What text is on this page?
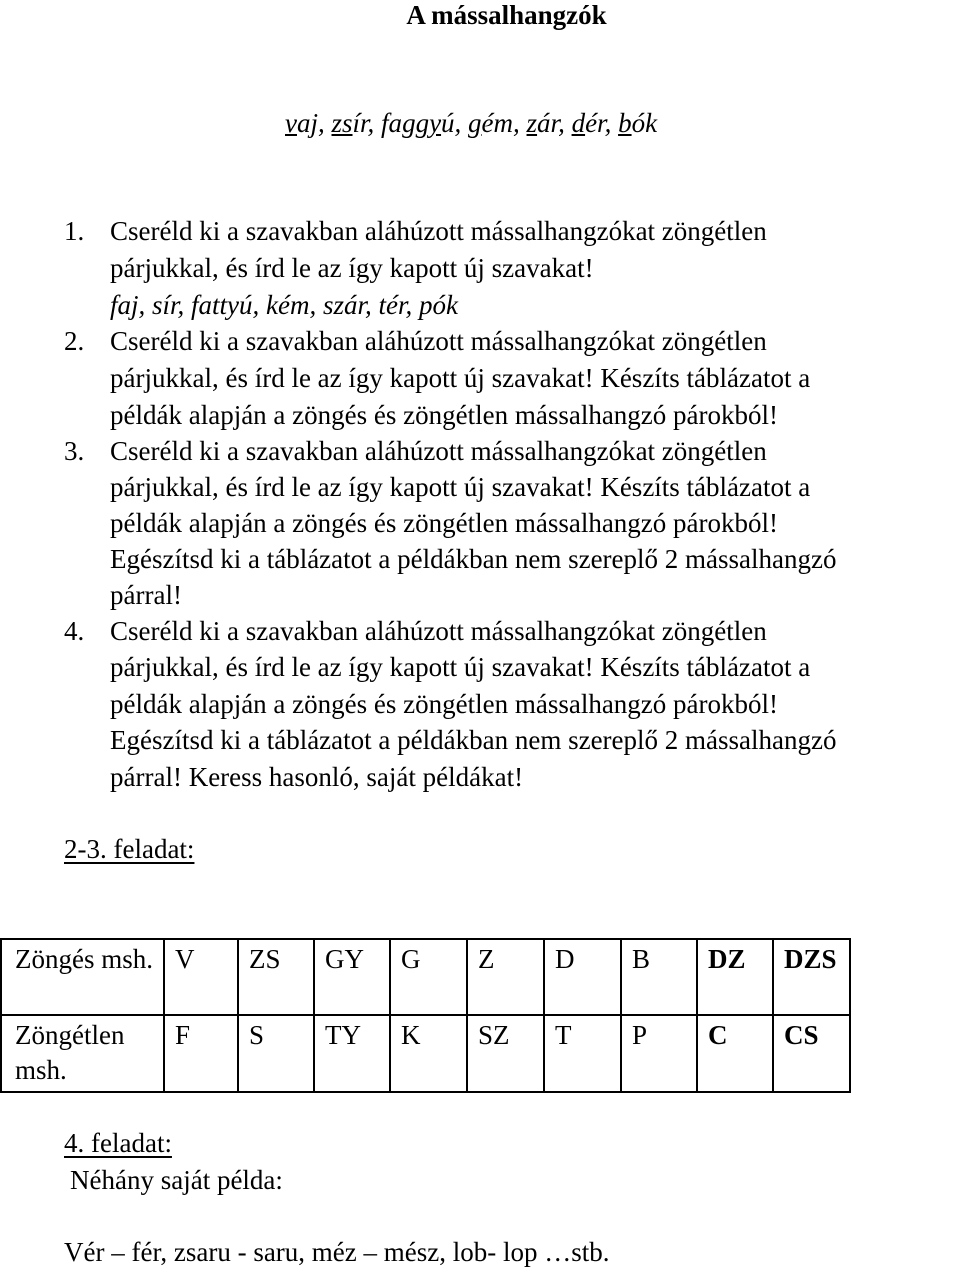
A mássalhangzók
vaj, zsír, faggyú, gém, zár, dér, bók
1. Cseréld ki a szavakban aláhúzott mássalhangzókat zöngétlen
párjukkal, és írd le az így kapott új szavakat!
faj, sír, fattyú, kém, szár, tér, pók
2. Cseréld ki a szavakban aláhúzott mássalhangzókat zöngétlen
párjukkal, és írd le az így kapott új szavakat! Készíts táblázatot a
példák alapján a zöngés és zöngétlen mássalhangzó párokból!
3. Cseréld ki a szavakban aláhúzott mássalhangzókat zöngétlen
párjukkal, és írd le az így kapott új szavakat! Készíts táblázatot a
példák alapján a zöngés és zöngétlen mássalhangzó párokból!
Egészítsd ki a táblázatot a példákban nem szereplő 2 mássalhangzó
párral!
4. Cseréld ki a szavakban aláhúzott mássalhangzókat zöngétlen
párjukkal, és írd le az így kapott új szavakat! Készíts táblázatot a
példák alapján a zöngés és zöngétlen mássalhangzó párokból!
Egészítsd ki a táblázatot a példákban nem szereplő 2 mássalhangzó
párral! Keress hasonló, saját példákat!
2-3. feladat:
Zöngés msh.	V	ZS	GY	G	Z	D	B	DZ	DZS
Zöngétlen msh.	F	S	TY	K	SZ	T	P	C	CS
4. feladat:
Néhány saját példa:
Vér – fér, zsaru - saru, méz – mész, lob- lop …stb.
